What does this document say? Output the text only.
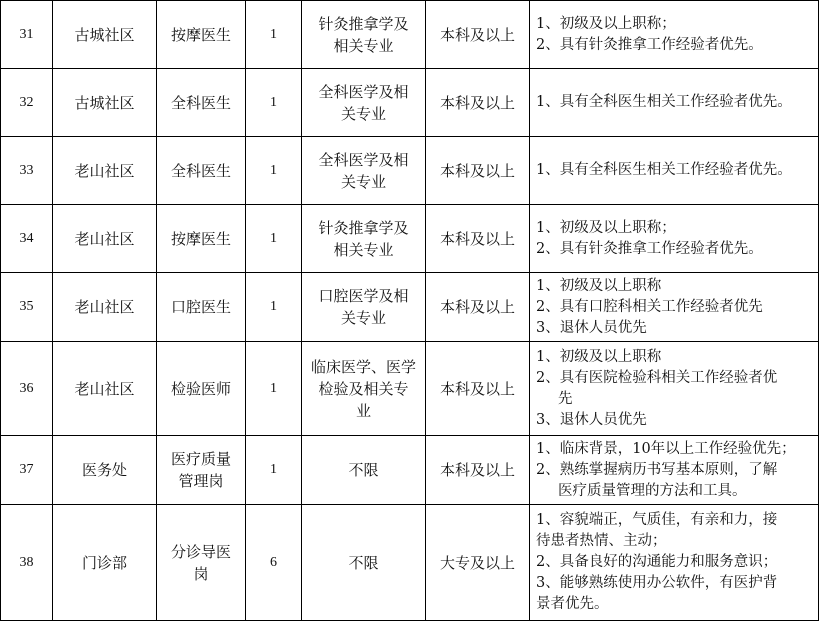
31	古城社区	按摩医生	1	针灸推拿学及
相关专业	本科及以上	1、初级及以上职称；
2、具有针灸推拿工作经验者优先。

32	古城社区	全科医生	1	全科医学及相
关专业	本科及以上	1、具有全科医生相关工作经验者优先。

33	老山社区	全科医生	1	全科医学及相
关专业	本科及以上	1、具有全科医生相关工作经验者优先。

34	老山社区	按摩医生	1	针灸推拿学及
相关专业	本科及以上	1、初级及以上职称；
2、具有针灸推拿工作经验者优先。

35	老山社区	口腔医生	1	口腔医学及相
关专业	本科及以上	1、初级及以上职称
2、具有口腔科相关工作经验者优先
3、退休人员优先

36	老山社区	检验医师	1	临床医学、医学
检验及相关专
业	本科及以上	1、初级及以上职称
2、具有医院检验科相关工作经验者优
先
3、退休人员优先

37	医务处	医疗质量
管理岗	1	不限	本科及以上	1、临床背景，10年以上工作经验优先；
2、熟练掌握病历书写基本原则，了解
医疗质量管理的方法和工具。

38	门诊部	分诊导医
岗	6	不限	大专及以上	1、容貌端正，气质佳，有亲和力，接
待患者热情、主动；
2、具备良好的沟通能力和服务意识；
3、能够熟练使用办公软件，有医护背
景者优先。
